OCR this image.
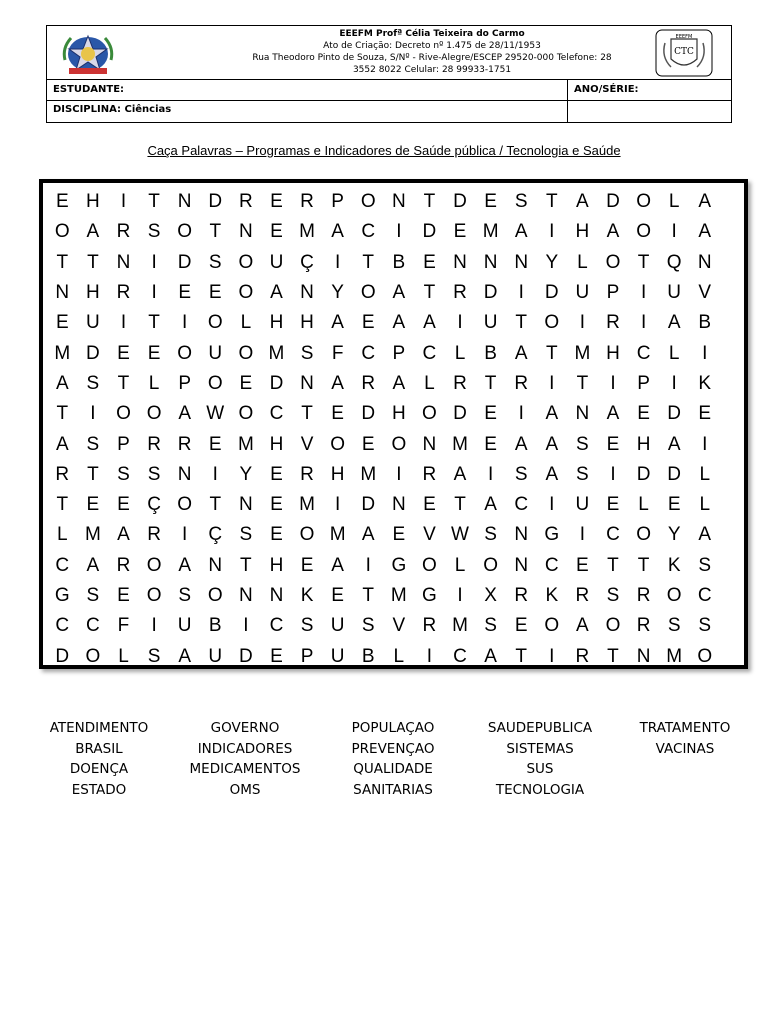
EEEFM Profª Célia Teixeira do Carmo
Ato de Criação: Decreto nº 1.475 de 28/11/1953
Rua Theodoro Pinto de Souza, S/Nº - Rive-Alegre/ESCEP 29520-000 Telefone: 28
3552 8022 Celular: 28 99933-1751
EEEFM
CTC
ESTUDANTE:	ANO/SÉRIE:
DISCIPLINA: Ciências
Caça Palavras – Programas e Indicadores de Saúde pública / Tecnologia e Saúde
E H	I	T N D R E R P O N T D E S T A D O L A
O A R S O T N E M A C	I	D E M A	I	H A O	I	A
T T N	I	D S O U Ç	I	T B E N N N Y L O T Q N
N H R	I	E E O A N Y O A T R D	I	D U P	I	U V
E U	I	T	I	O L H H A E A A	I	U T O	I	R	I	A B
M D E E O U O M S F C P C L B A T M H C L	I
A S T	L P O E D N A R A L R T R	I	T	I	P	I	K
T	I	O O A W O C T E D H O D E	I	A N A E D E
A S P R R E M H V O E O N M E A A S E H A	I
R T S S N	I	Y E R H M	I	R A	I	S A S	I	D D L
T E E Ç O T N E M	I	D N E T A C	I	U E L E L
L M A R	I	Ç S E O M A E V W S N G	I	C O Y A
C A R O A N T H E A	I	G O L O N C E T T K S
G S E O S O N N K E T M G	I	X R K R S R O C
C C F	I	U B	I	C S U S V R M S E O A O R S S
D O L S A U D E P U B L	I	C A T	I	R T N M O
ATENDIMENTO
BRASIL
DOENÇA
ESTADO
GOVERNO
INDICADORES
MEDICAMENTOS
OMS
POPULAÇAO
PREVENÇAO
QUALIDADE
SANITARIAS
SAUDEPUBLICA
SISTEMAS
SUS
TECNOLOGIA
TRATAMENTO
VACINAS
